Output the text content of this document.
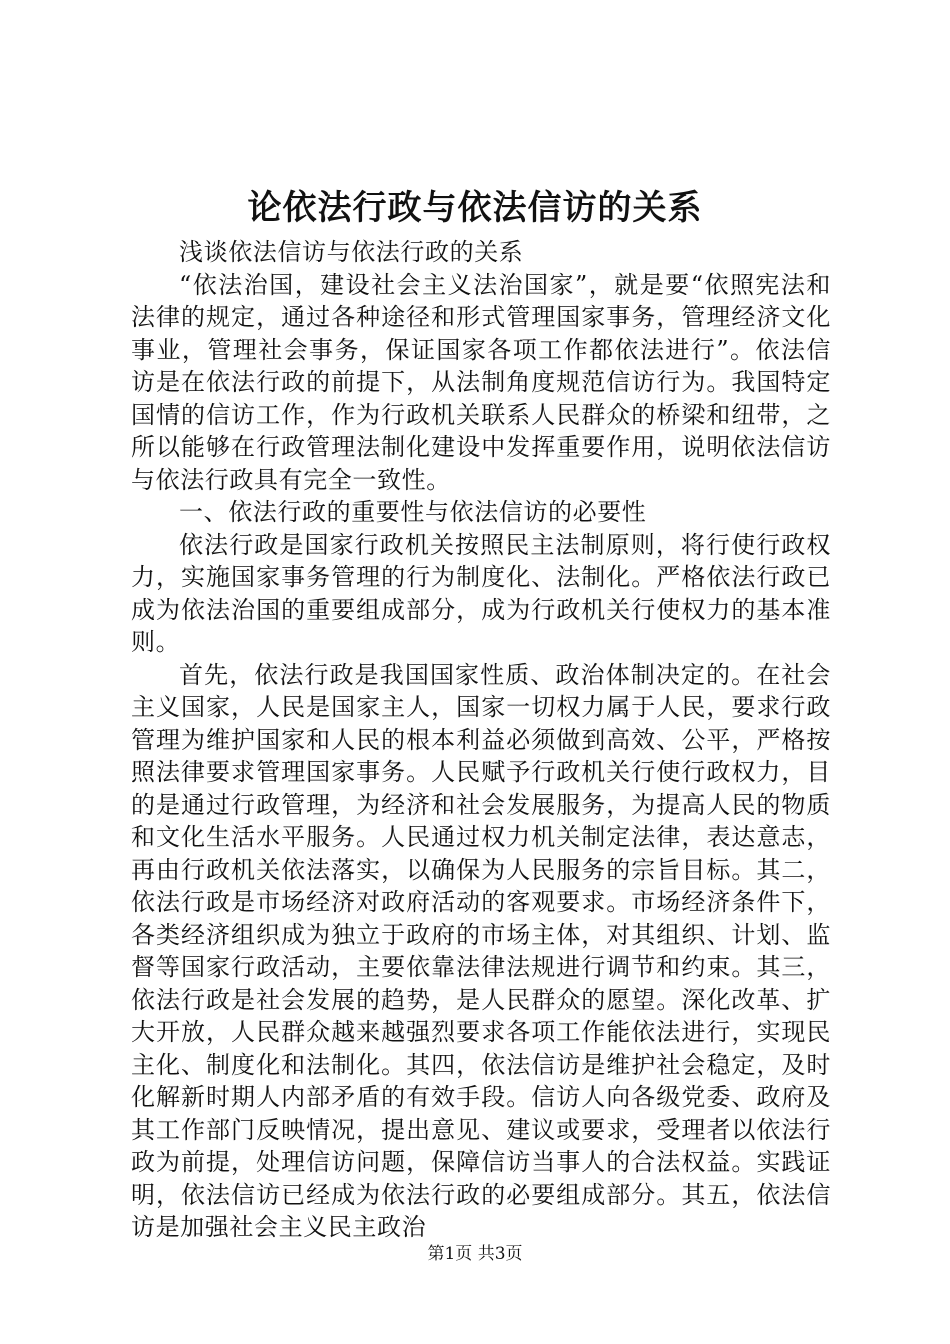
论依法行政与依法信访的关系

浅谈依法信访与依法行政的关系

“依法治国，建设社会主义法治国家”，就是要“依照宪法和法律的规定，通过各种途径和形式管理国家事务，管理经济文化事业，管理社会事务，保证国家各项工作都依法进行”。依法信访是在依法行政的前提下，从法制角度规范信访行为。我国特定国情的信访工作，作为行政机关联系人民群众的桥梁和纽带，之所以能够在行政管理法制化建设中发挥重要作用，说明依法信访与依法行政具有完全一致性。

一、依法行政的重要性与依法信访的必要性

依法行政是国家行政机关按照民主法制原则，将行使行政权力，实施国家事务管理的行为制度化、法制化。严格依法行政已成为依法治国的重要组成部分，成为行政机关行使权力的基本准则。

首先，依法行政是我国国家性质、政治体制决定的。在社会主义国家，人民是国家主人，国家一切权力属于人民，要求行政管理为维护国家和人民的根本利益必须做到高效、公平，严格按照法律要求管理国家事务。人民赋予行政机关行使行政权力，目的是通过行政管理，为经济和社会发展服务，为提高人民的物质和文化生活水平服务。人民通过权力机关制定法律，表达意志，再由行政机关依法落实，以确保为人民服务的宗旨目标。其二，依法行政是市场经济对政府活动的客观要求。市场经济条件下，各类经济组织成为独立于政府的市场主体，对其组织、计划、监督等国家行政活动，主要依靠法律法规进行调节和约束。其三，依法行政是社会发展的趋势，是人民群众的愿望。深化改革、扩大开放，人民群众越来越强烈要求各项工作能依法进行，实现民主化、制度化和法制化。其四，依法信访是维护社会稳定，及时化解新时期人内部矛盾的有效手段。信访人向各级党委、政府及其工作部门反映情况，提出意见、建议或要求，受理者以依法行政为前提，处理信访问题，保障信访当事人的合法权益。实践证明，依法信访已经成为依法行政的必要组成部分。其五，依法信访是加强社会主义民主政治

第1页 共3页
